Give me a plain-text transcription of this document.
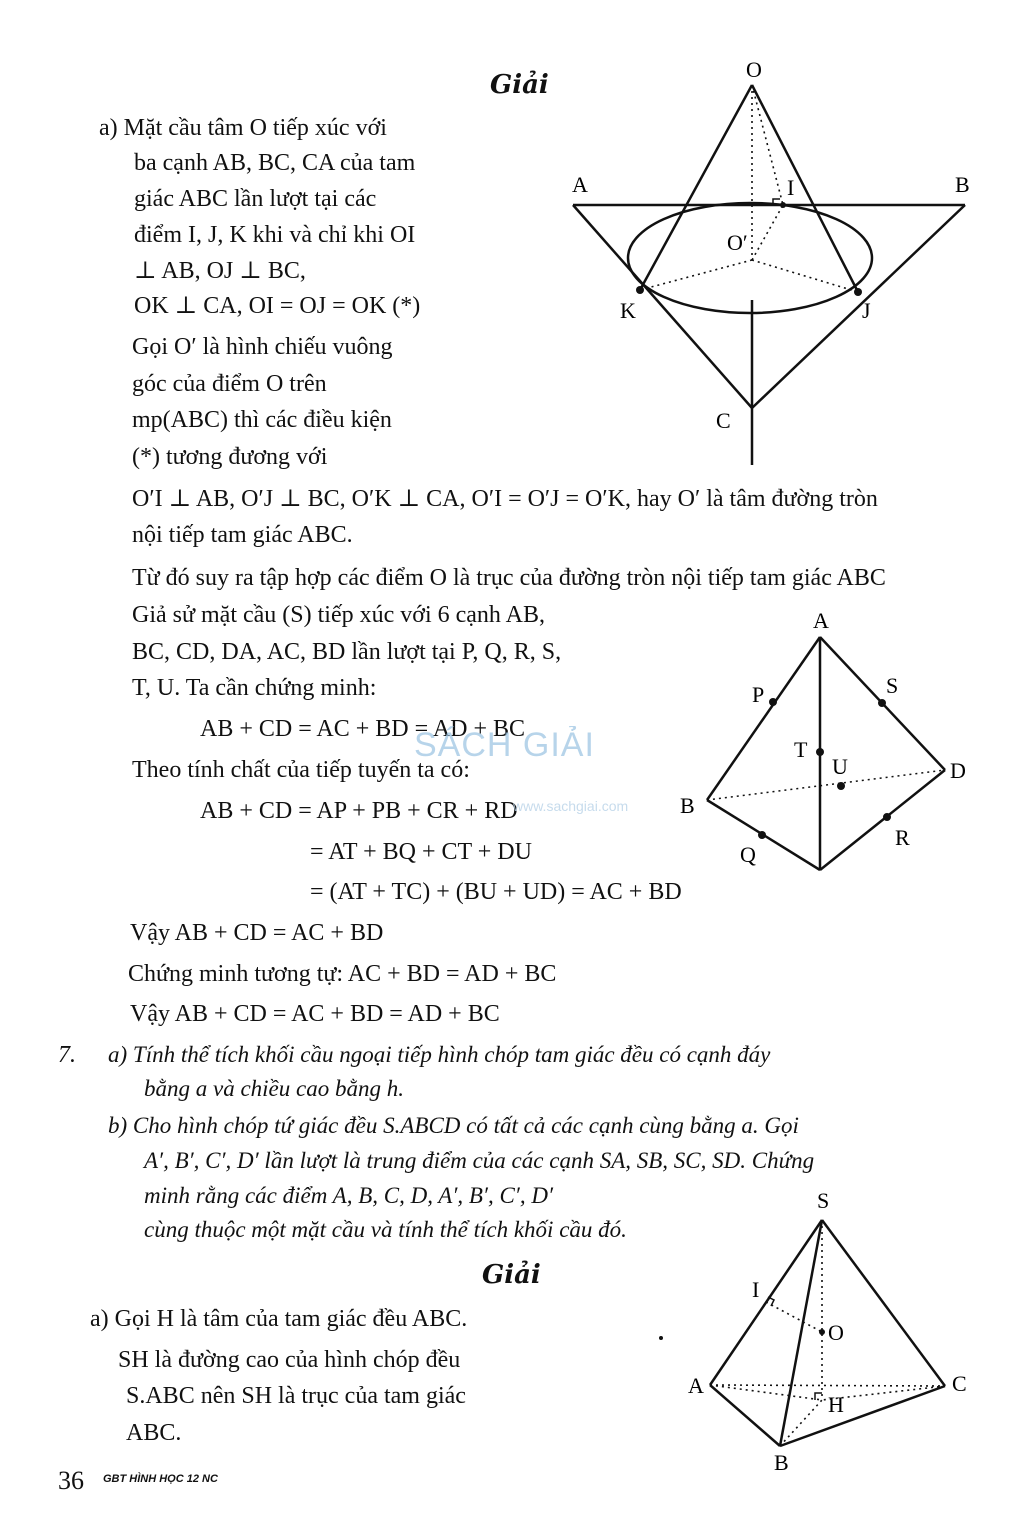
Giải
a) Mặt cầu tâm O tiếp xúc với
ba cạnh AB, BC, CA của tam
giác ABC lần lượt tại các
điểm I, J, K khi và chỉ khi OI
⊥ AB, OJ ⊥ BC,
OK ⊥ CA, OI = OJ = OK (*)
Gọi O′ là hình chiếu vuông
góc của điểm O trên
mp(ABC) thì các điều kiện
(*) tương đương với
O′I ⊥ AB, O′J ⊥ BC, O′K ⊥ CA, O′I = O′J = O′K, hay O′ là tâm đường tròn
nội tiếp tam giác ABC.
Từ đó suy ra tập hợp các điểm O là trục của đường tròn nội tiếp tam giác ABC
O
A	B
I
O′
K	J
C
Giả sử mặt cầu (S) tiếp xúc với 6 cạnh AB,
BC, CD, DA, AC, BD lần lượt tại P, Q, R, S,
T, U. Ta cần chứng minh:
AB + CD = AC + BD = AD + BC
Theo tính chất của tiếp tuyến ta có:
AB + CD = AP + PB + CR + RD
= AT + BQ + CT + DU
= (AT + TC) + (BU + UD) = AC + BD
Vậy AB + CD = AC + BD
Chứng minh tương tự: AC + BD = AD + BC
Vậy AB + CD = AC + BD = AD + BC
SÁCH GIẢI
www.sachgiai.com
A
P	S
T
U	D
B
R
Q
7. a) Tính thể tích khối cầu ngoại tiếp hình chóp tam giác đều có cạnh đáy
bằng a và chiều cao bằng h.
b) Cho hình chóp tứ giác đều S.ABCD có tất cả các cạnh cùng bằng a. Gọi
A′, B′, C′, D′ lần lượt là trung điểm của các cạnh SA, SB, SC, SD. Chứng
minh rằng các điểm A, B, C, D, A′, B′, C′, D′
cùng thuộc một mặt cầu và tính thể tích khối cầu đó.
Giải
a) Gọi H là tâm của tam giác đều ABC.
SH là đường cao của hình chóp đều
S.ABC nên SH là trục của tam giác
ABC.
S
I
O
A	C
H
B
36 GBT HÌNH HỌC 12 NC
